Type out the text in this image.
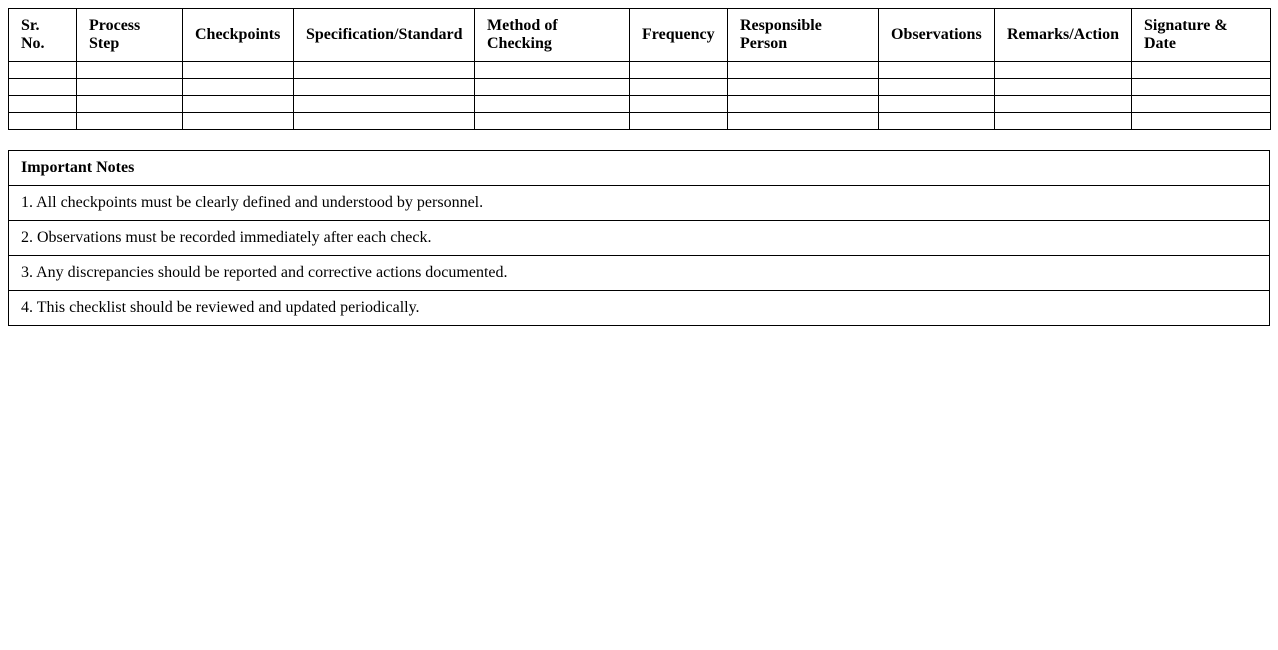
Sr. No.	Process Step	Checkpoints	Specification/Standard	Method of Checking	Frequency	Responsible Person	Observations	Remarks/Action	Signature & Date

Important Notes
1. All checkpoints must be clearly defined and understood by personnel.
2. Observations must be recorded immediately after each check.
3. Any discrepancies should be reported and corrective actions documented.
4. This checklist should be reviewed and updated periodically.
